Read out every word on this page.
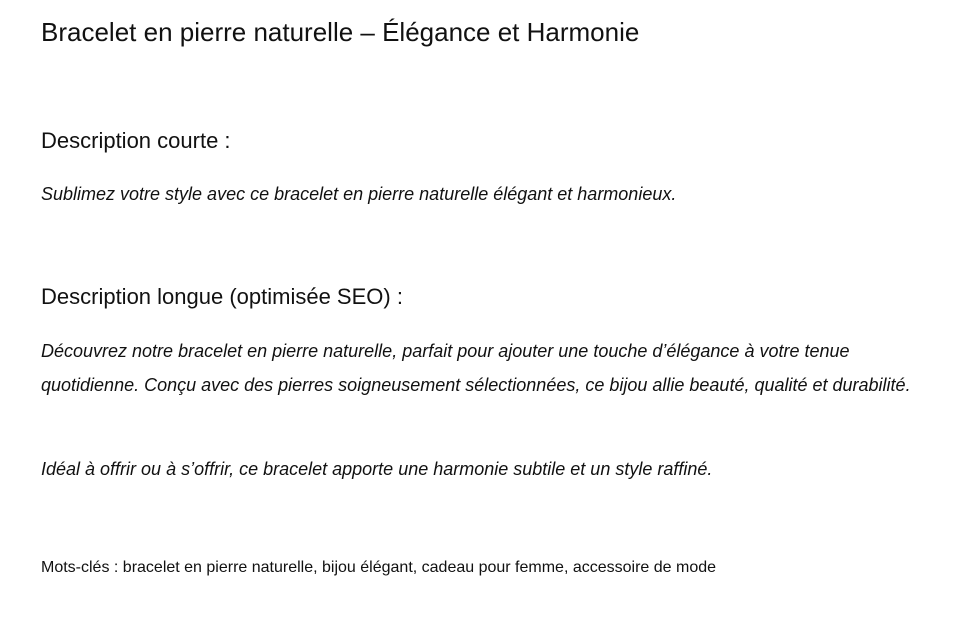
Bracelet en pierre naturelle – Élégance et Harmonie
Description courte :

Sublimez votre style avec ce bracelet en pierre naturelle élégant et harmonieux.

Description longue (optimisée SEO) :

Découvrez notre bracelet en pierre naturelle, parfait pour ajouter une touche d’élégance à votre tenue quotidienne. Conçu avec des pierres soigneusement sélectionnées, ce bijou allie beauté, qualité et durabilité.

Idéal à offrir ou à s’offrir, ce bracelet apporte une harmonie subtile et un style raffiné.

Mots-clés : bracelet en pierre naturelle, bijou élégant, cadeau pour femme, accessoire de mode
